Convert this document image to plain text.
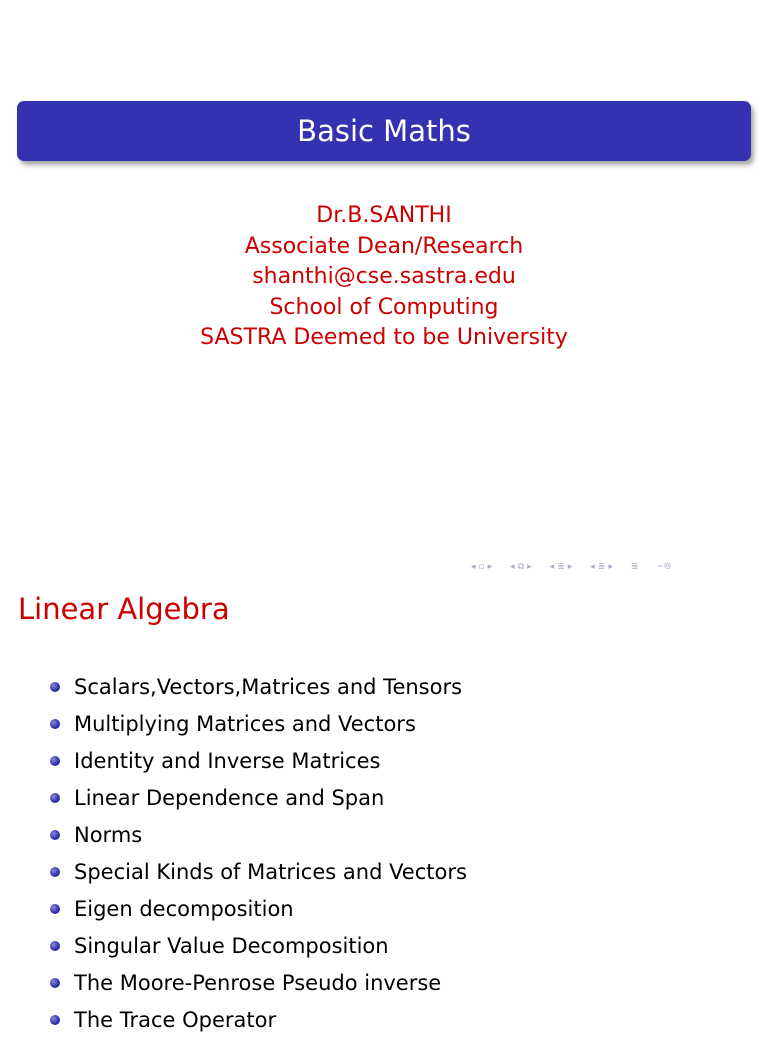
Basic Maths
Dr.B.SANTHI
Associate Dean/Research
shanthi@cse.sastra.edu
School of Computing
SASTRA Deemed to be University
◂ ▫ ▸ ◂ ⧉ ▸ ◂ ≣ ▸ ◂ ≣ ▸ ≣ ∽⦾
Linear Algebra
Scalars,Vectors,Matrices and Tensors
Multiplying Matrices and Vectors
Identity and Inverse Matrices
Linear Dependence and Span
Norms
Special Kinds of Matrices and Vectors
Eigen decomposition
Singular Value Decomposition
The Moore-Penrose Pseudo inverse
The Trace Operator
